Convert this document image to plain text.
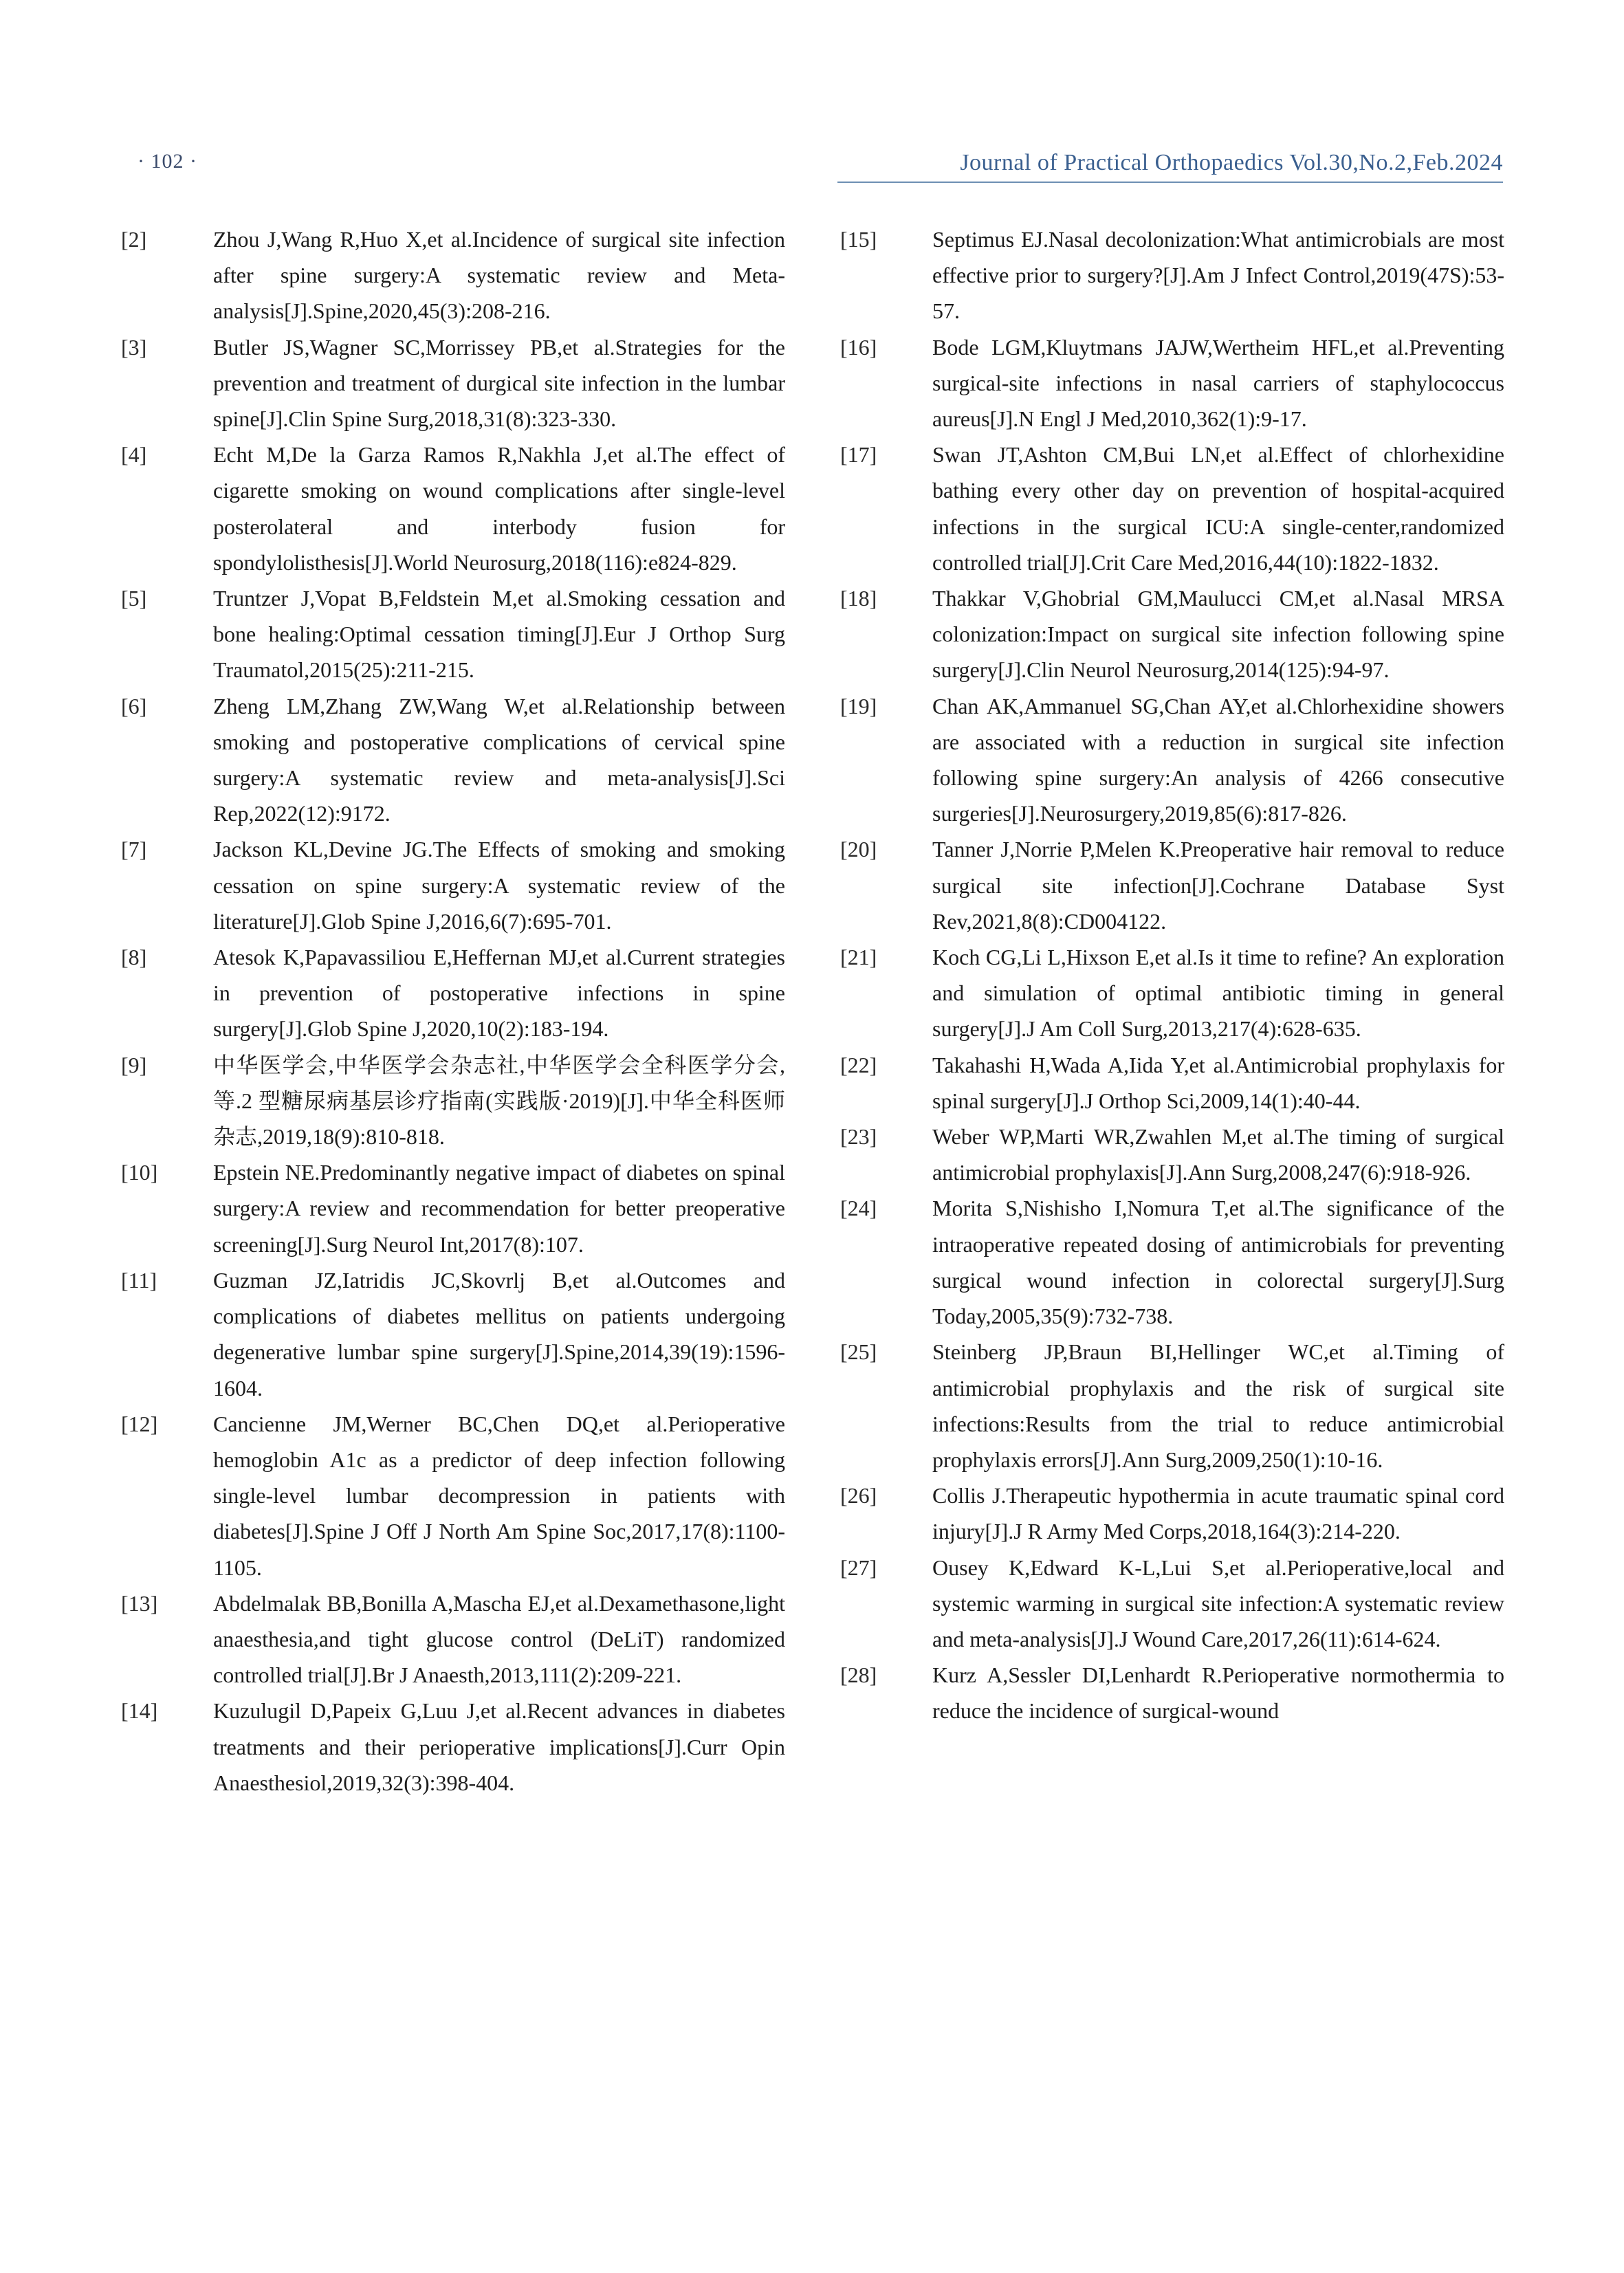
· 102 ·	Journal of Practical Orthopaedics Vol.30,No.2,Feb.2024
[2]	Zhou J,Wang R,Huo X,et al.Incidence of surgical site infection after spine surgery:A systematic review and Meta-analysis[J].Spine,2020,45(3):208-216.
[3]	Butler JS,Wagner SC,Morrissey PB,et al.Strategies for the prevention and treatment of durgical site infection in the lumbar spine[J].Clin Spine Surg,2018,31(8):323-330.
[4]	Echt M,De la Garza Ramos R,Nakhla J,et al.The effect of cigarette smoking on wound complications after single-level posterolateral and interbody fusion for spondylolisthesis[J].World Neurosurg,2018(116):e824-829.
[5]	Truntzer J,Vopat B,Feldstein M,et al.Smoking cessation and bone healing:Optimal cessation timing[J].Eur J Orthop Surg Traumatol,2015(25):211-215.
[6]	Zheng LM,Zhang ZW,Wang W,et al.Relationship between smoking and postoperative complications of cervical spine surgery:A systematic review and meta-analysis[J].Sci Rep,2022(12):9172.
[7]	Jackson KL,Devine JG.The Effects of smoking and smoking cessation on spine surgery:A systematic review of the literature[J].Glob Spine J,2016,6(7):695-701.
[8]	Atesok K,Papavassiliou E,Heffernan MJ,et al.Current strategies in prevention of postoperative infections in spine surgery[J].Glob Spine J,2020,10(2):183-194.
[9]	中华医学会,中华医学会杂志社,中华医学会全科医学分会,等.2 型糖尿病基层诊疗指南(实践版·2019)[J].中华全科医师杂志,2019,18(9):810-818.
[10]	Epstein NE.Predominantly negative impact of diabetes on spinal surgery:A review and recommendation for better preoperative screening[J].Surg Neurol Int,2017(8):107.
[11]	Guzman JZ,Iatridis JC,Skovrlj B,et al.Outcomes and complications of diabetes mellitus on patients undergoing degenerative lumbar spine surgery[J].Spine,2014,39(19):1596-1604.
[12]	Cancienne JM,Werner BC,Chen DQ,et al.Perioperative hemoglobin A1c as a predictor of deep infection following single-level lumbar decompression in patients with diabetes[J].Spine J Off J North Am Spine Soc,2017,17(8):1100-1105.
[13]	Abdelmalak BB,Bonilla A,Mascha EJ,et al.Dexamethasone,light anaesthesia,and tight glucose control (DeLiT) randomized controlled trial[J].Br J Anaesth,2013,111(2):209-221.
[14]	Kuzulugil D,Papeix G,Luu J,et al.Recent advances in diabetes treatments and their perioperative implications[J].Curr Opin Anaesthesiol,2019,32(3):398-404.
[15]	Septimus EJ.Nasal decolonization:What antimicrobials are most effective prior to surgery?[J].Am J Infect Control,2019(47S):53-57.
[16]	Bode LGM,Kluytmans JAJW,Wertheim HFL,et al.Preventing surgical-site infections in nasal carriers of staphylococcus aureus[J].N Engl J Med,2010,362(1):9-17.
[17]	Swan JT,Ashton CM,Bui LN,et al.Effect of chlorhexidine bathing every other day on prevention of hospital-acquired infections in the surgical ICU:A single-center,randomized controlled trial[J].Crit Care Med,2016,44(10):1822-1832.
[18]	Thakkar V,Ghobrial GM,Maulucci CM,et al.Nasal MRSA colonization:Impact on surgical site infection following spine surgery[J].Clin Neurol Neurosurg,2014(125):94-97.
[19]	Chan AK,Ammanuel SG,Chan AY,et al.Chlorhexidine showers are associated with a reduction in surgical site infection following spine surgery:An analysis of 4266 consecutive surgeries[J].Neurosurgery,2019,85(6):817-826.
[20]	Tanner J,Norrie P,Melen K.Preoperative hair removal to reduce surgical site infection[J].Cochrane Database Syst Rev,2021,8(8):CD004122.
[21]	Koch CG,Li L,Hixson E,et al.Is it time to refine? An exploration and simulation of optimal antibiotic timing in general surgery[J].J Am Coll Surg,2013,217(4):628-635.
[22]	Takahashi H,Wada A,Iida Y,et al.Antimicrobial prophylaxis for spinal surgery[J].J Orthop Sci,2009,14(1):40-44.
[23]	Weber WP,Marti WR,Zwahlen M,et al.The timing of surgical antimicrobial prophylaxis[J].Ann Surg,2008,247(6):918-926.
[24]	Morita S,Nishisho I,Nomura T,et al.The significance of the intraoperative repeated dosing of antimicrobials for preventing surgical wound infection in colorectal surgery[J].Surg Today,2005,35(9):732-738.
[25]	Steinberg JP,Braun BI,Hellinger WC,et al.Timing of antimicrobial prophylaxis and the risk of surgical site infections:Results from the trial to reduce antimicrobial prophylaxis errors[J].Ann Surg,2009,250(1):10-16.
[26]	Collis J.Therapeutic hypothermia in acute traumatic spinal cord injury[J].J R Army Med Corps,2018,164(3):214-220.
[27]	Ousey K,Edward K-L,Lui S,et al.Perioperative,local and systemic warming in surgical site infection:A systematic review and meta-analysis[J].J Wound Care,2017,26(11):614-624.
[28]	Kurz A,Sessler DI,Lenhardt R.Perioperative normothermia to reduce the incidence of surgical-wound
